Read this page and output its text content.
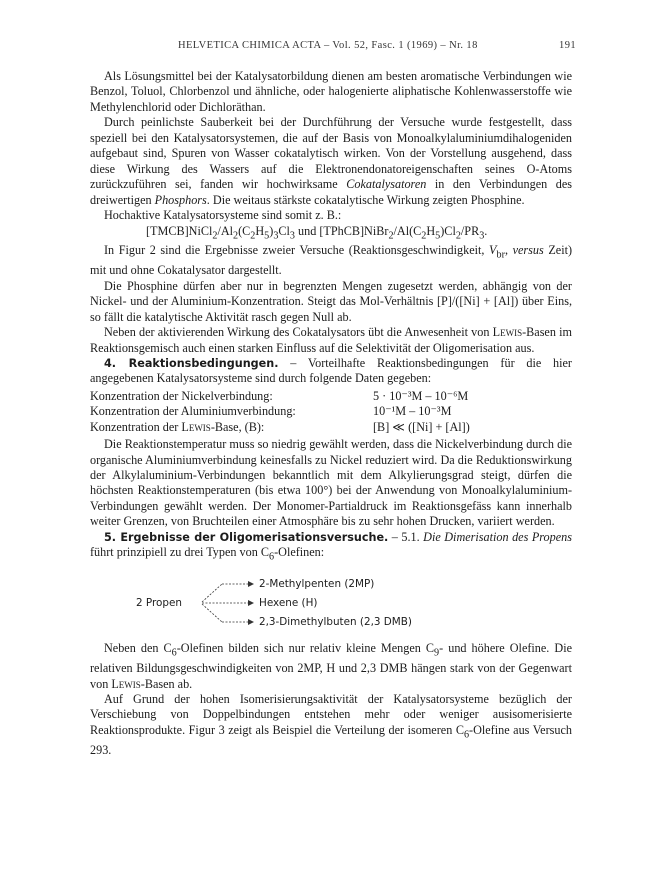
HELVETICA CHIMICA ACTA – Vol. 52, Fasc. 1 (1969) – Nr. 18	191

Als Lösungsmittel bei der Katalysatorbildung dienen am besten aromatische Verbindungen wie Benzol, Toluol, Chlorbenzol und ähnliche, oder halogenierte aliphatische Kohlenwasserstoffe wie Methylenchlorid oder Dichloräthan.

Durch peinlichste Sauberkeit bei der Durchführung der Versuche wurde festgestellt, dass speziell bei den Katalysatorsystemen, die auf der Basis von Monoalkylaluminiumdihalogeniden aufgebaut sind, Spuren von Wasser cokatalytisch wirken. Von der Vorstellung ausgehend, dass diese Wirkung des Wassers auf die Elektronendonatoreigenschaften seines O-Atoms zurückzuführen sei, fanden wir hochwirksame Cokatalysatoren in den Verbindungen des dreiwertigen Phosphors. Die weitaus stärkste cokatalytische Wirkung zeigten Phosphine.

Hochaktive Katalysatorsysteme sind somit z. B.:

$[TMCB]NiCl_2/Al_2(C_2H_5)_3Cl_3$ und $[TPhCB]NiBr_2/Al(C_2H_5)Cl_2/PR_3$.

In Figur 2 sind die Ergebnisse zweier Versuche (Reaktionsgeschwindigkeit, $V_{br}$, versus Zeit) mit und ohne Cokatalysator dargestellt.

Die Phosphine dürfen aber nur in begrenzten Mengen zugesetzt werden, abhängig von der Nickel- und der Aluminium-Konzentration. Steigt das Mol-Verhältnis [P]/([Ni] + [Al]) über Eins, so fällt die katalytische Aktivität rasch gegen Null ab.

Neben der aktivierenden Wirkung des Cokatalysators übt die Anwesenheit von Lewis-Basen im Reaktionsgemisch auch einen starken Einfluss auf die Selektivität der Oligomerisation aus.

4. Reaktionsbedingungen. – Vorteilhafte Reaktionsbedingungen für die hier angegebenen Katalysatorsysteme sind durch folgende Daten gegeben:

Konzentration der Nickelverbindung:	5 · 10⁻³M – 10⁻⁶M
Konzentration der Aluminiumverbindung:	10⁻¹M – 10⁻³M
Konzentration der Lewis-Base, (B):	[B] ≪ ([Ni] + [Al])

Die Reaktionstemperatur muss so niedrig gewählt werden, dass die Nickelverbindung durch die organische Aluminiumverbindung keinesfalls zu Nickel reduziert wird. Da die Reduktionswirkung der Alkylaluminium-Verbindungen bekanntlich mit dem Alkylierungsgrad steigt, dürfen die höchsten Reaktionstemperaturen (bis etwa 100°) bei der Anwendung von Monoalkylaluminium-Verbindungen gewählt werden. Der Monomer-Partialdruck im Reaktionsgefäss kann innerhalb weiter Grenzen, von Bruchteilen einer Atmosphäre bis zu sehr hohen Drucken, variiert werden.

5. Ergebnisse der Oligomerisationsversuche. – 5.1. Die Dimerisation des Propens führt prinzipiell zu drei Typen von $C_6$-Olefinen:

2 Propen
2-Methylpenten (2MP)
Hexene (H)
2,3-Dimethylbuten (2,3 DMB)

Neben den $C_6$-Olefinen bilden sich nur relativ kleine Mengen $C_9-$ und höhere Olefine. Die relativen Bildungsgeschwindigkeiten von 2MP, H und 2,3 DMB hängen stark von der Gegenwart von Lewis-Basen ab.

Auf Grund der hohen Isomerisierungsaktivität der Katalysatorsysteme bezüglich der Verschiebung von Doppelbindungen entstehen mehr oder weniger ausisomerisierte Reaktionsprodukte. Figur 3 zeigt als Beispiel die Verteilung der isomeren $C_6$-Olefine aus Versuch 293.
